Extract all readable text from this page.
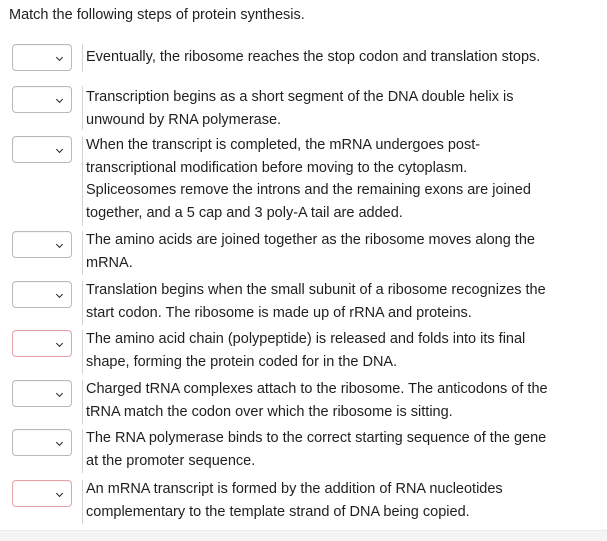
Match the following steps of protein synthesis.
Eventually, the ribosome reaches the stop codon and translation stops.
Transcription begins as a short segment of the DNA double helix is
unwound by RNA polymerase.
When the transcript is completed, the mRNA undergoes post-
transcriptional modification before moving to the cytoplasm.
Spliceosomes remove the introns and the remaining exons are joined
together, and a 5 cap and 3 poly-A tail are added.
The amino acids are joined together as the ribosome moves along the
mRNA.
Translation begins when the small subunit of a ribosome recognizes the
start codon. The ribosome is made up of rRNA and proteins.
The amino acid chain (polypeptide) is released and folds into its final
shape, forming the protein coded for in the DNA.
Charged tRNA complexes attach to the ribosome. The anticodons of the
tRNA match the codon over which the ribosome is sitting.
The RNA polymerase binds to the correct starting sequence of the gene
at the promoter sequence.
An mRNA transcript is formed by the addition of RNA nucleotides
complementary to the template strand of DNA being copied.
